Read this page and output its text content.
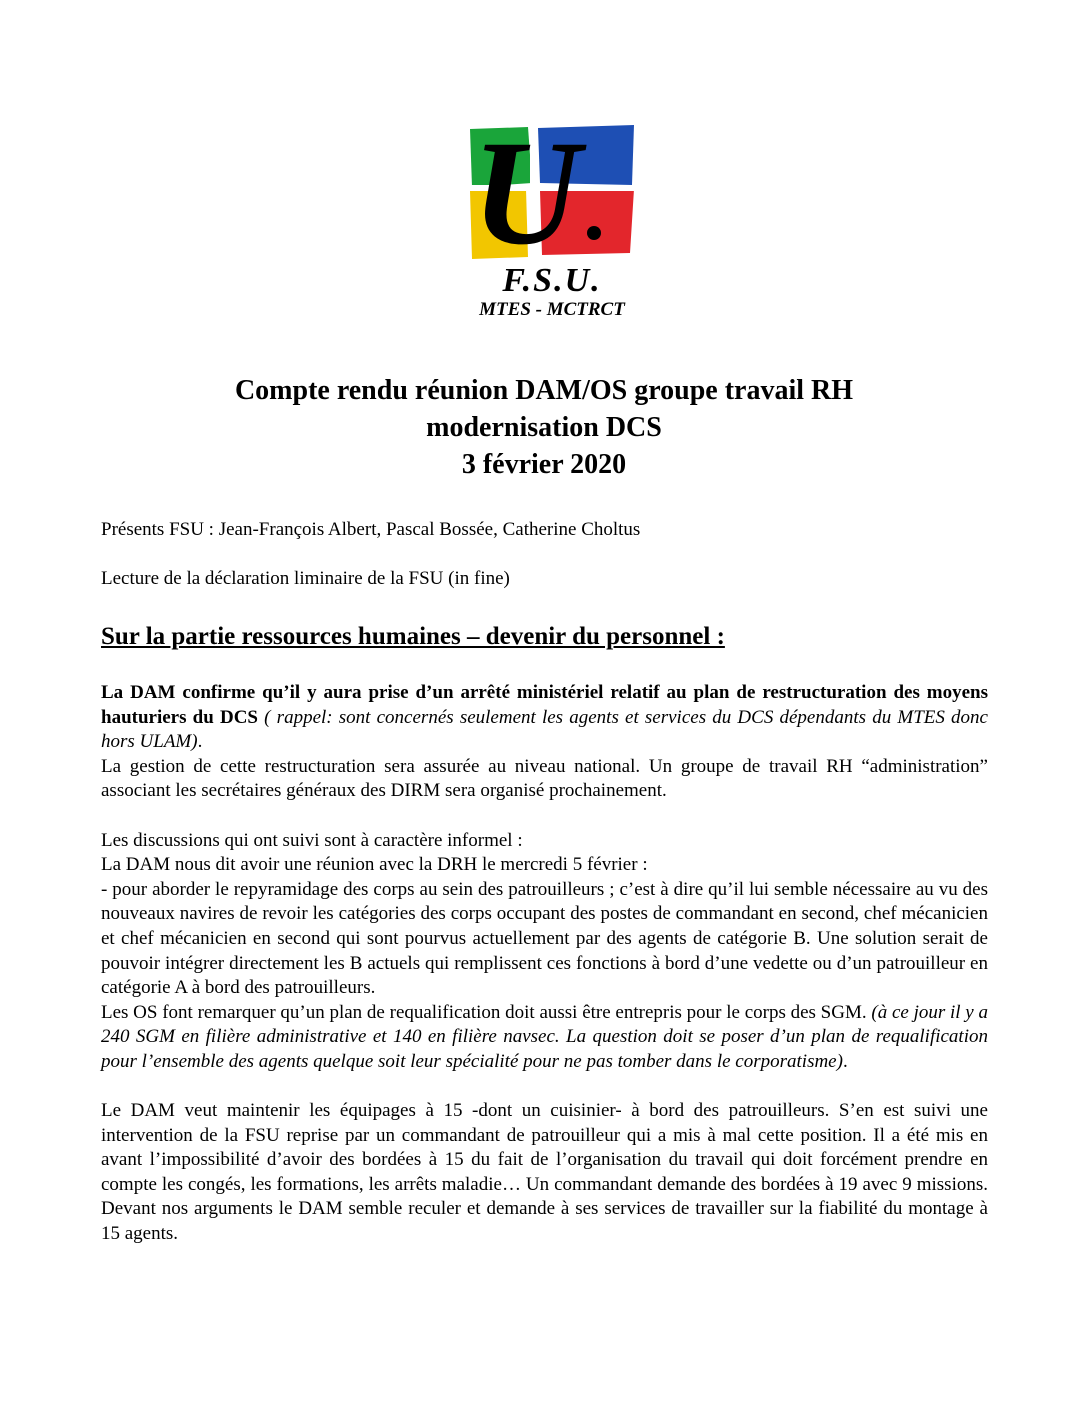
U
F.S.U.
MTES - MCTRCT
Compte rendu réunion DAM/OS groupe travail RH
modernisation DCS
3 février 2020
Présents FSU : Jean-François Albert, Pascal Bossée, Catherine Choltus
Lecture de la déclaration liminaire de la FSU (in fine)
Sur la partie ressources humaines – devenir du personnel :

La DAM confirme qu’il y aura prise d’un arrêté ministériel relatif au plan de restructuration des moyens hauturiers du DCS ( rappel: sont concernés seulement les agents et services du DCS dépendants du MTES donc hors ULAM).

La gestion de cette restructuration sera assurée au niveau national. Un groupe de travail RH “administration” associant les secrétaires généraux des DIRM sera organisé prochainement.

Les discussions qui ont suivi sont à caractère informel :

La DAM nous dit avoir une réunion avec la DRH le mercredi 5 février :

- pour aborder le repyramidage des corps au sein des patrouilleurs ; c’est à dire qu’il lui semble nécessaire au vu des nouveaux navires de revoir les catégories des corps occupant des postes de commandant en second, chef mécanicien et chef mécanicien en second qui sont pourvus actuellement par des agents de catégorie B. Une solution serait de pouvoir intégrer directement les B actuels qui remplissent ces fonctions à bord d’une vedette ou d’un patrouilleur en catégorie A à bord des patrouilleurs.

Les OS font remarquer qu’un plan de requalification doit aussi être entrepris pour le corps des SGM. (à ce jour il y a 240 SGM en filière administrative et 140 en filière navsec. La question doit se poser d’un plan de requalification pour l’ensemble des agents quelque soit leur spécialité pour ne pas tomber dans le corporatisme).

Le DAM veut maintenir les équipages à 15 -dont un cuisinier- à bord des patrouilleurs. S’en est suivi une intervention de la FSU reprise par un commandant de patrouilleur qui a mis à mal cette position. Il a été mis en avant l’impossibilité d’avoir des bordées à 15 du fait de l’organisation du travail qui doit forcément prendre en compte les congés, les formations, les arrêts maladie… Un commandant demande des bordées à 19 avec 9 missions. Devant nos arguments le DAM semble reculer et demande à ses services de travailler sur la fiabilité du montage à 15 agents.
